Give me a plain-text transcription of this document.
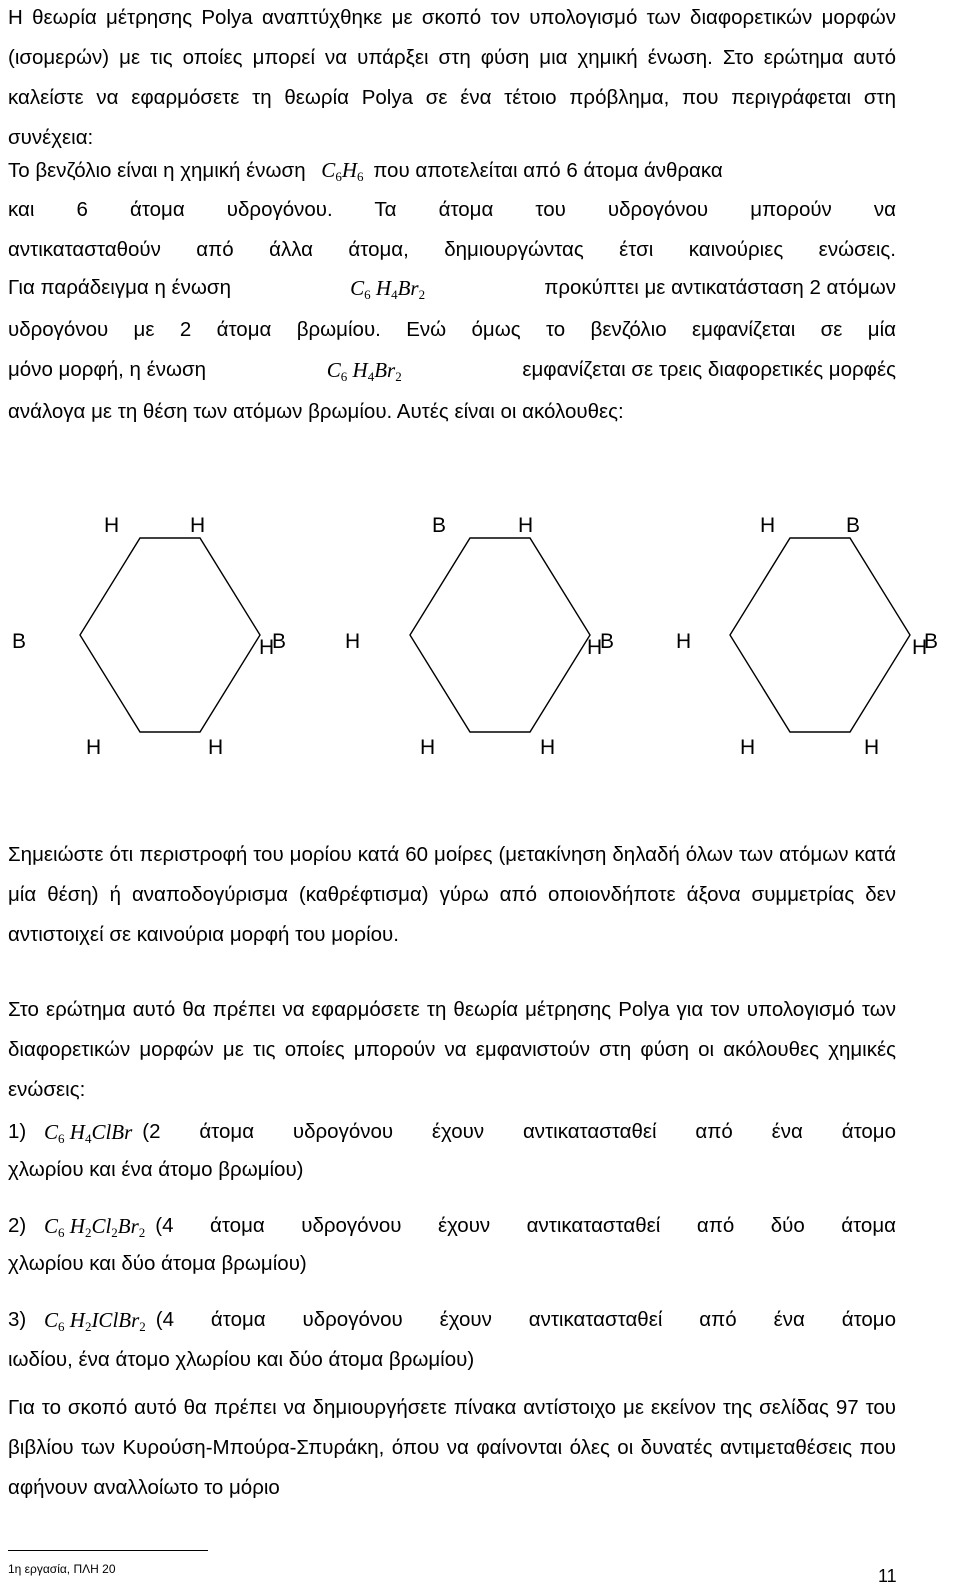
Η θεωρία μέτρησης Polya αναπτύχθηκε με σκοπό τον υπολογισμό των διαφορετικών μορφών (ισομερών) με τις οποίες μπορεί να υπάρξει στη φύση μια χημική ένωση. Στο ερώτημα αυτό καλείστε να εφαρμόσετε τη θεωρία Polya σε ένα τέτοιο πρόβλημα, που περιγράφεται στη συνέχεια:

Το βενζόλιο είναι η χημική ένωση $C_6H_6$ που αποτελείται από 6 άτομα άνθρακα
και 6 άτομα υδρογόνου. Τα άτομα του υδρογόνου μπορούν να
αντικατασταθούν από άλλα άτομα, δημιουργώντας έτσι καινούριες ενώσεις.
Για παράδειγμα η ένωση	$C_6$ $H_4Br_2$	προκύπτει με αντικατάσταση 2 ατόμων
υδρογόνου με 2 άτομα βρωμίου. Ενώ όμως το βενζόλιο εμφανίζεται σε μία
μόνο μορφή, η ένωση	$C_6$ $H_4Br_2$	εμφανίζεται σε τρεις διαφορετικές μορφές
ανάλογα με τη θέση των ατόμων βρωμίου. Αυτές είναι οι ακόλουθες:
H	H
B
H
H
B	H
B	H
B
H
H
H	H
H	B
B
H
H
H	H

Σημειώστε ότι περιστροφή του μορίου κατά 60 μοίρες (μετακίνηση δηλαδή όλων των ατόμων κατά μία θέση) ή αναποδογύρισμα (καθρέφτισμα) γύρω από οποιονδήποτε άξονα συμμετρίας δεν αντιστοιχεί σε καινούρια μορφή του μορίου.

Στο ερώτημα αυτό θα πρέπει να εφαρμόσετε τη θεωρία μέτρησης Polya για τον υπολογισμό των διαφορετικών μορφών με τις οποίες μπορούν να εμφανιστούν στη φύση οι ακόλουθες χημικές ενώσεις:

1) $C_6$ $H_4ClBr$ (2 άτομα υδρογόνου έχουν αντικατασταθεί από ένα άτομο
χλωρίου και ένα άτομο βρωμίου)
2) $C_6$ $H_2Cl_2Br_2$ (4 άτομα υδρογόνου έχουν αντικατασταθεί από δύο άτομα
χλωρίου και δύο άτομα βρωμίου)
3) $C_6$ $H_2IClBr_2$ (4 άτομα υδρογόνου έχουν αντικατασταθεί από ένα άτομο
ιωδίου, ένα άτομο χλωρίου και δύο άτομα βρωμίου)

Για το σκοπό αυτό θα πρέπει να δημιουργήσετε πίνακα αντίστοιχο με εκείνον της σελίδας 97 του βιβλίου των Κυρούση-Μπούρα-Σπυράκη, όπου να φαίνονται όλες οι δυνατές αντιμεταθέσεις που αφήνουν αναλλοίωτο το μόριο

1η εργασία, ΠΛΗ 20	11
